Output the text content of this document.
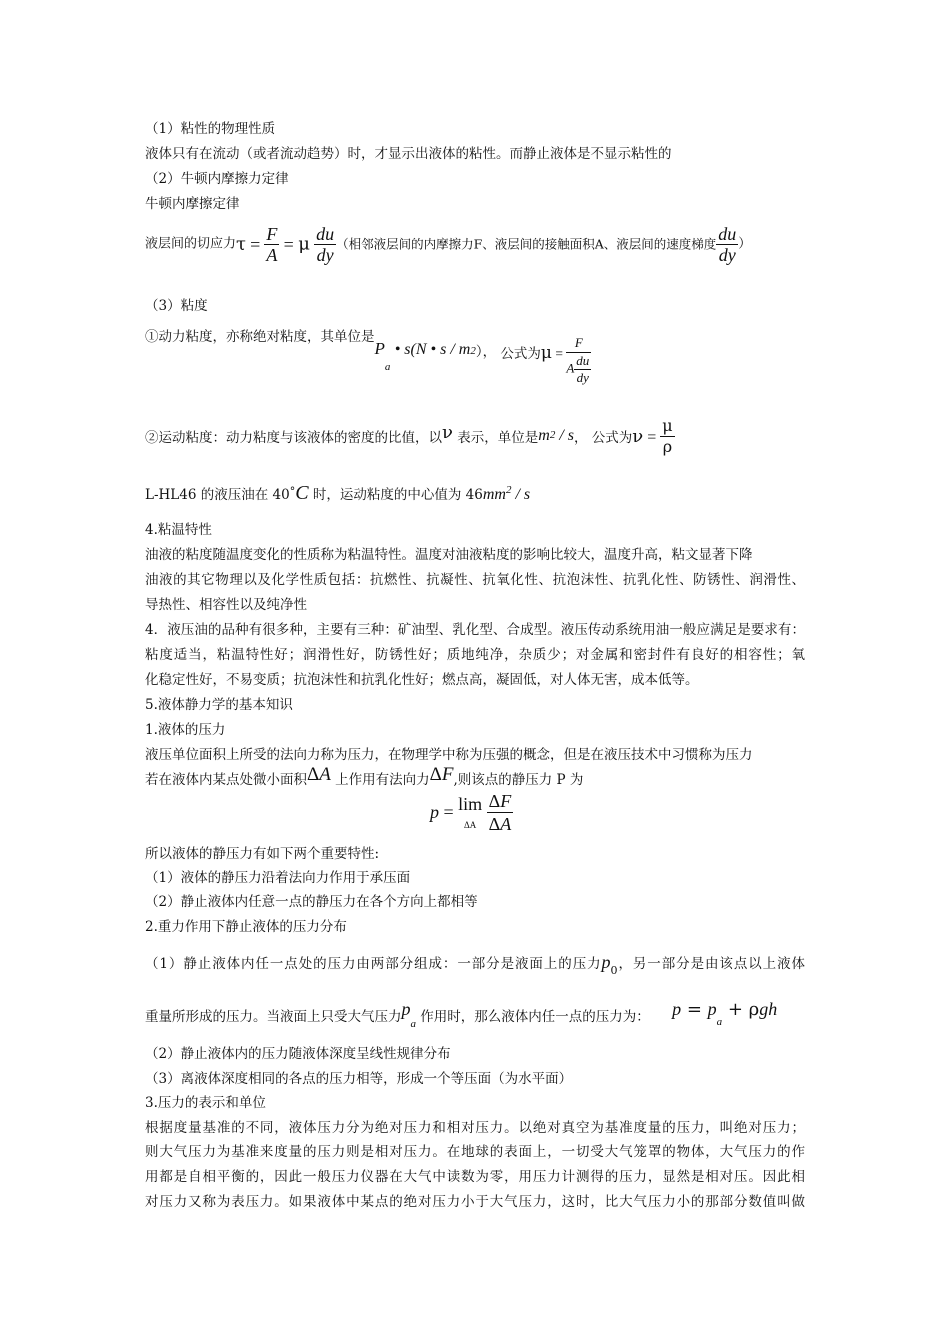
（1）粘性的物理性质
液体只有在流动（或者流动趋势）时，才显示出液体的粘性。而静止液体是不显示粘性的
（2）牛顿内摩擦力定律
牛顿内摩擦定律
液层间的切应力$\tau = \frac{F}{A} = \mu \frac{du}{dy}$ （相邻液层间的内摩擦力F、液层间的接触面积A、液层间的速度梯度 $\frac{du}{dy}$ ）
（3）粘度
①动力粘度，亦称绝对粘度，其单位是$P_a$ • s(N • s / $m_2$）， 公式为$\mu = \frac{F}{A \frac{du}{dy}}$
②运动粘度：动力粘度与该液体的密度的比值，以ν 表示，单位是$m_2$ / s， 公式为$\nu = \frac{\mu}{\rho}$
L-HL46 的液压油在 40°C 时，运动粘度的中心值为 $46mm^2$ / s
4.粘温特性
油液的粘度随温度变化的性质称为粘温特性。温度对油液粘度的影响比较大，温度升高，粘文显著下降
油液的其它物理以及化学性质包括：抗燃性、抗凝性、抗氧化性、抗泡沫性、抗乳化性、防锈性、润滑性、
导热性、相容性以及纯净性
4．液压油的品种有很多种，主要有三种：矿油型、乳化型、合成型。液压传动系统用油一般应满足是要求有：
粘度适当，粘温特性好；润滑性好，防锈性好；质地纯净，杂质少；对金属和密封件有良好的相容性；氧
化稳定性好，不易变质；抗泡沫性和抗乳化性好；燃点高，凝固低，对人体无害，成本低等。
5.液体静力学的基本知识
1.液体的压力
液压单位面积上所受的法向力称为压力，在物理学中称为压强的概念，但是在液压技术中习惯称为压力
若在液体内某点处微小面积ΔA 上作用有法向力ΔF,则该点的静压力 P 为
p = lim
ΔA $\frac{\Delta F}{\Delta A}$
所以液体的静压力有如下两个重要特性:
（1）液体的静压力沿着法向力作用于承压面
（2）静止液体内任意一点的静压力在各个方向上都相等
2.重力作用下静止液体的压力分布
（1）静止液体内任一点处的压力由两部分组成：一部分是液面上的压力$p_0$，另一部分是由该点以上液体
重量所形成的压力。当液面上只受大气压力$p_a$ 作用时，那么液体内任一点的压力为： $p = p_a + \rho gh$
（2）静止液体内的压力随液体深度呈线性规律分布
（3）离液体深度相同的各点的压力相等，形成一个等压面（为水平面）
3.压力的表示和单位
根据度量基准的不同，液体压力分为绝对压力和相对压力。以绝对真空为基准度量的压力，叫绝对压力；
则大气压力为基准来度量的压力则是相对压力。在地球的表面上，一切受大气笼罩的物体，大气压力的作
用都是自相平衡的，因此一般压力仪器在大气中读数为零，用压力计测得的压力，显然是相对压。因此相
对压力又称为表压力。如果液体中某点的绝对压力小于大气压力，这时，比大气压力小的那部分数值叫做
